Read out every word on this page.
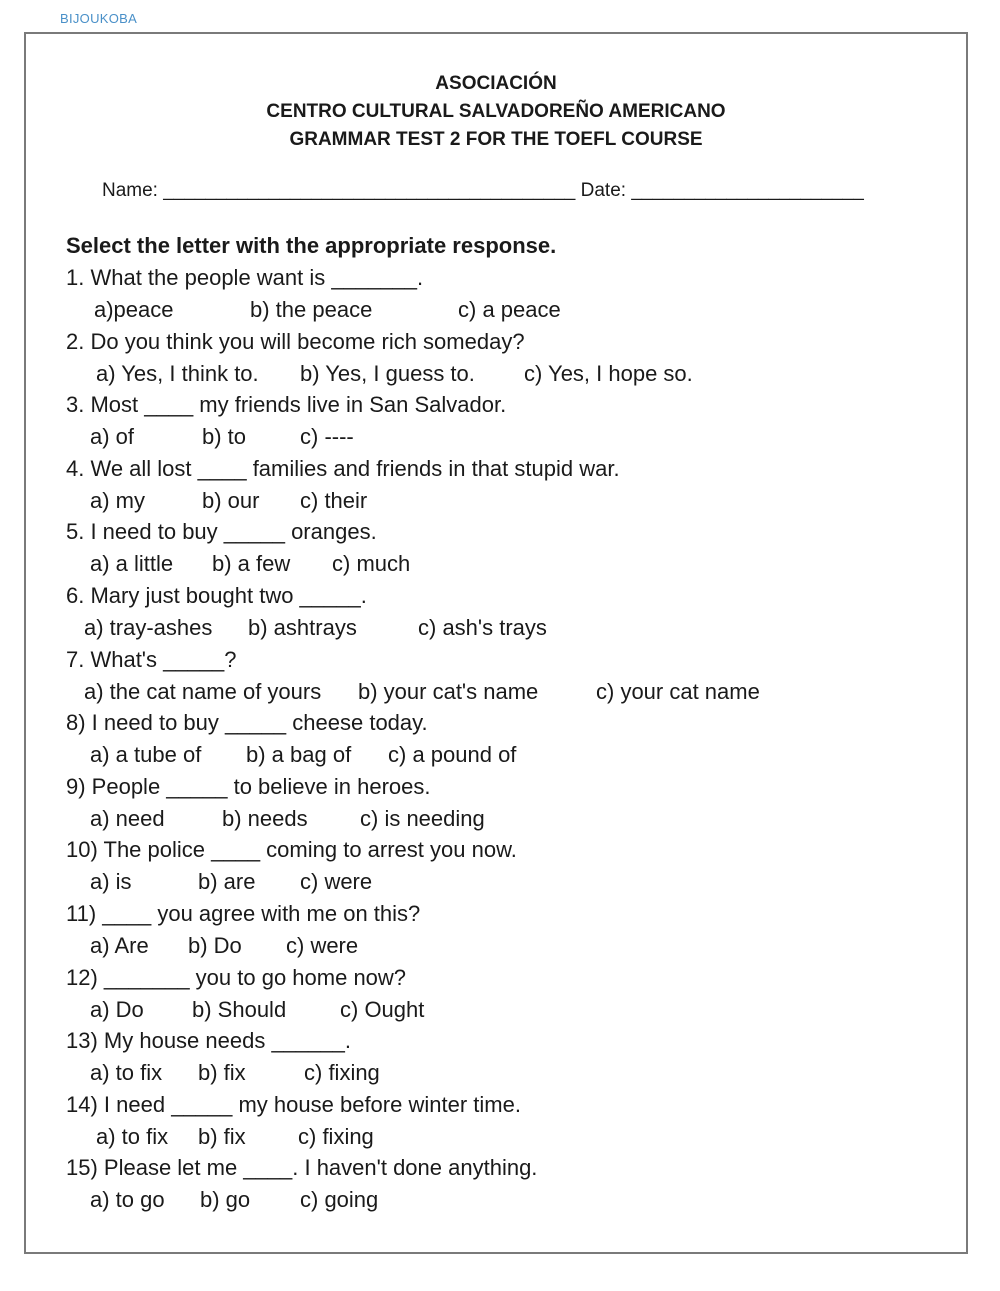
BIJOUKOBA
ASOCIACIÓN
CENTRO CULTURAL SALVADOREÑO AMERICANO
GRAMMAR TEST 2 FOR THE TOEFL COURSE
Name: _______________________________________ Date: ______________________
Select the letter with the appropriate response.
1. What the people want is _______.
a)peace	b) the peace	c) a peace
2. Do you think you will become rich someday?
a) Yes, I think to. b) Yes, I guess to. c) Yes, I hope so.
3. Most ____ my friends live in San Salvador.
a) of	b) to c) ----
4. We all lost ____ families and friends in that stupid war.
a) my	b) our c) their
5. I need to buy _____ oranges.
a) a little b) a few c) much
6. Mary just bought two _____.
a) tray-ashes b) ashtrays	c) ash's trays
7. What's _____?
a) the cat name of yours b) your cat's name	c) your cat name
8) I need to buy _____ cheese today.
a) a tube of b) a bag of c) a pound of
9) People _____ to believe in heroes.
a) need	b) needs c) is needing
10) The police ____ coming to arrest you now.
a) is	b) are c) were
11) ____ you agree with me on this?
a) Are b) Do c) were
12) _______ you to go home now?
a) Do b) Should c) Ought
13) My house needs ______.
a) to fix b) fix	c) fixing
14) I need _____ my house before winter time.
a) to fix b) fix c) fixing
15) Please let me ____. I haven't done anything.
a) to go b) go c) going
